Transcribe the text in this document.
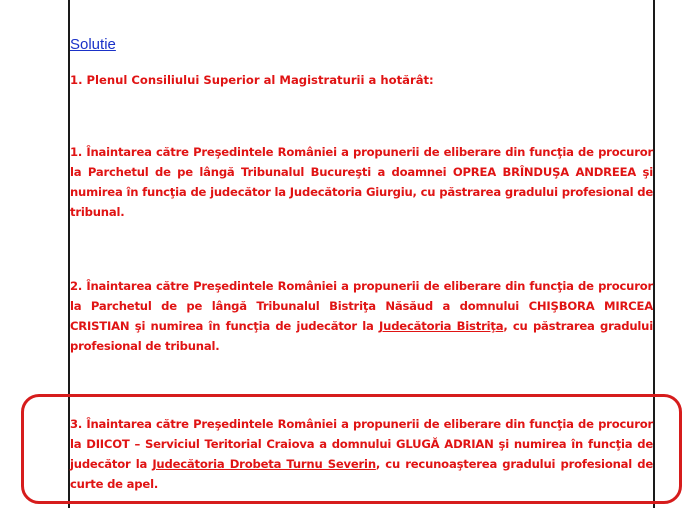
Solutie
1. Plenul Consiliului Superior al Magistraturii a hotărât:
1. Înaintarea către Preşedintele României a propunerii de eliberare din funcţia de procuror la Parchetul de pe lângă Tribunalul Bucureşti a doamnei OPREA BRÎNDUŞA ANDREEA şi numirea în funcţia de judecător la Judecătoria Giurgiu, cu păstrarea gradului profesional de tribunal.
2. Înaintarea către Preşedintele României a propunerii de eliberare din funcţia de procuror la Parchetul de pe lângă Tribunalul Bistriţa Năsăud a domnului CHIŞBORA MIRCEA CRISTIAN şi numirea în funcţia de judecător la Judecătoria Bistriţa, cu păstrarea gradului profesional de tribunal.
3. Înaintarea către Preşedintele României a propunerii de eliberare din funcţia de procuror la DIICOT – Serviciul Teritorial Craiova a domnului GLUGĂ ADRIAN şi numirea în funcţia de judecător la Judecătoria Drobeta Turnu Severin, cu recunoaşterea gradului profesional de curte de apel.
